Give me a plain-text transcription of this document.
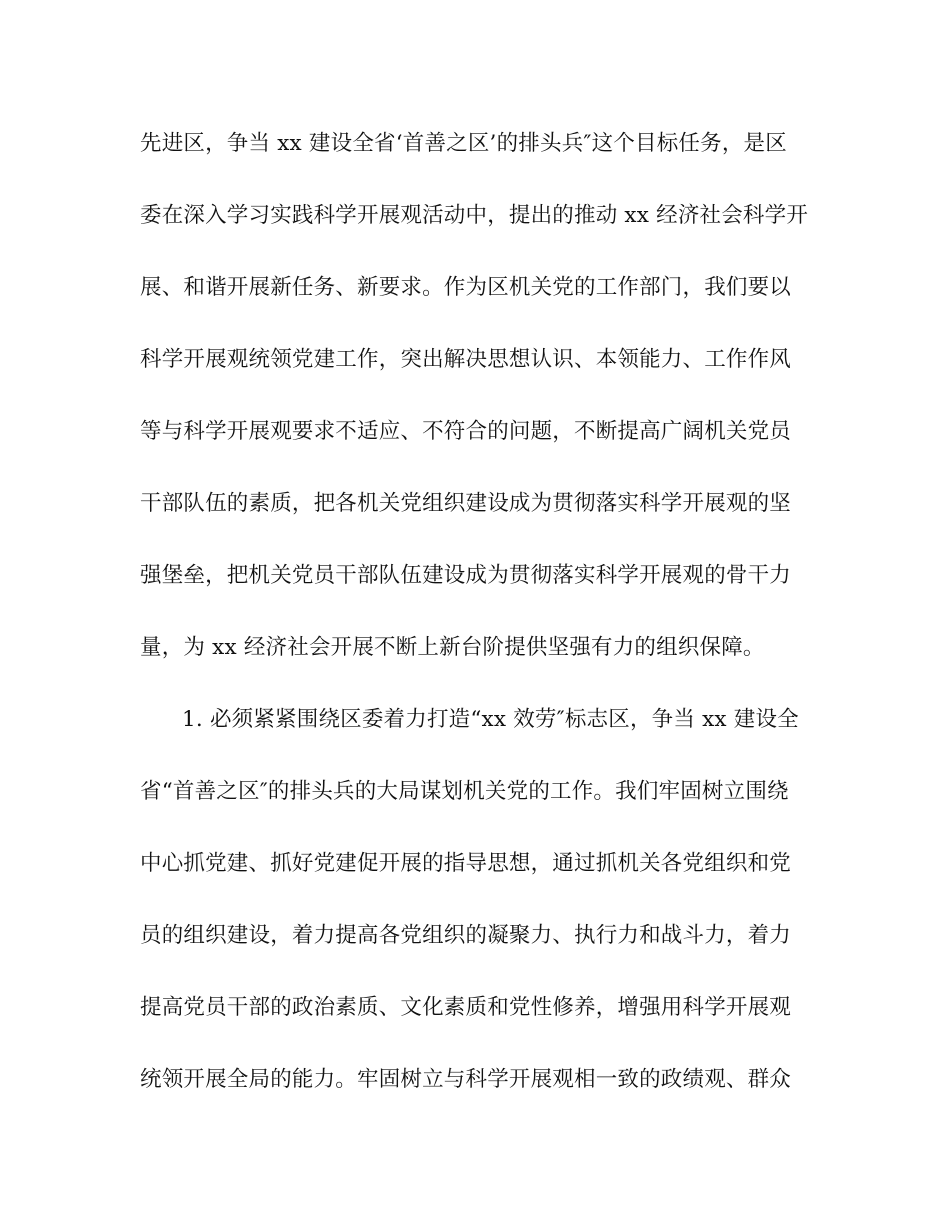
先进区，争当 xx 建设全省‘首善之区’的排头兵″这个目标任务，是区
委在深入学习实践科学开展观活动中，提出的推动 xx 经济社会科学开
展、和谐开展新任务、新要求。作为区机关党的工作部门，我们要以
科学开展观统领党建工作，突出解决思想认识、本领能力、工作作风
等与科学开展观要求不适应、不符合的问题，不断提高广阔机关党员
干部队伍的素质，把各机关党组织建设成为贯彻落实科学开展观的坚
强堡垒，把机关党员干部队伍建设成为贯彻落实科学开展观的骨干力
量，为 xx 经济社会开展不断上新台阶提供坚强有力的组织保障。
1. 必须紧紧围绕区委着力打造“xx 效劳″标志区，争当 xx 建设全
省“首善之区″的排头兵的大局谋划机关党的工作。我们牢固树立围绕
中心抓党建、抓好党建促开展的指导思想，通过抓机关各党组织和党
员的组织建设，着力提高各党组织的凝聚力、执行力和战斗力，着力
提高党员干部的政治素质、文化素质和党性修养，增强用科学开展观
统领开展全局的能力。牢固树立与科学开展观相一致的政绩观、群众
